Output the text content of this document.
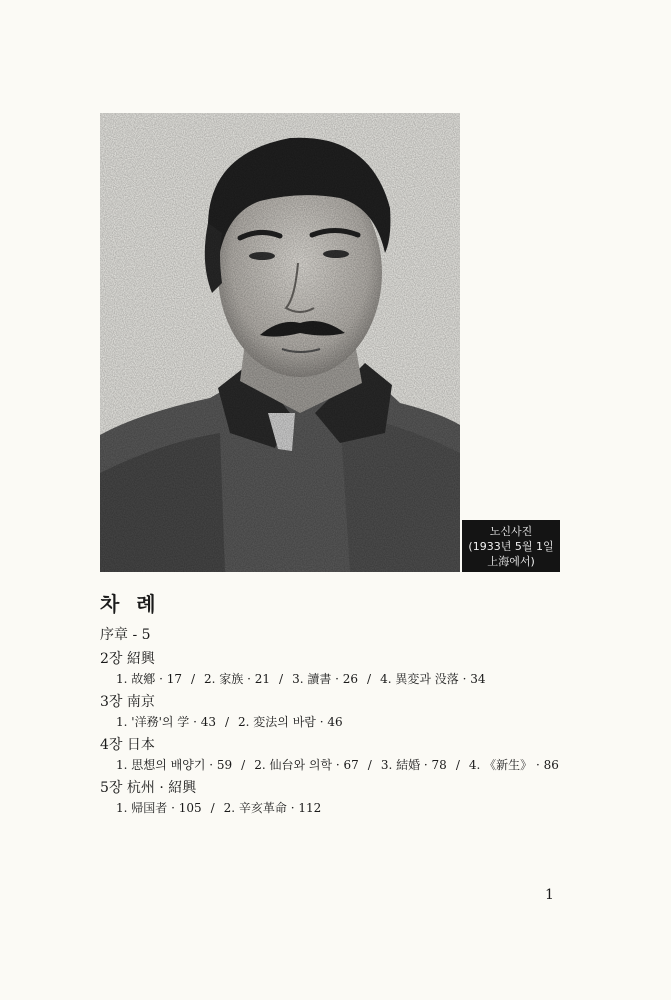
노신사진
(1933년 5월 1일
上海에서)
차 례
序章 - 5
2장 紹興
1. 故鄕 · 17 / 2. 家族 · 21 / 3. 讀書 · 26 / 4. 異変과 没落 · 34
3장 南京
1. '洋務'의 学 · 43 / 2. 変法의 바람 · 46
4장 日本
1. 思想의 배양기 · 59 / 2. 仙台와 의학 · 67 / 3. 結婚 · 78 / 4. 《新生》 · 86
5장 杭州 · 紹興
1. 帰国者 · 105 / 2. 辛亥革命 · 112
1
